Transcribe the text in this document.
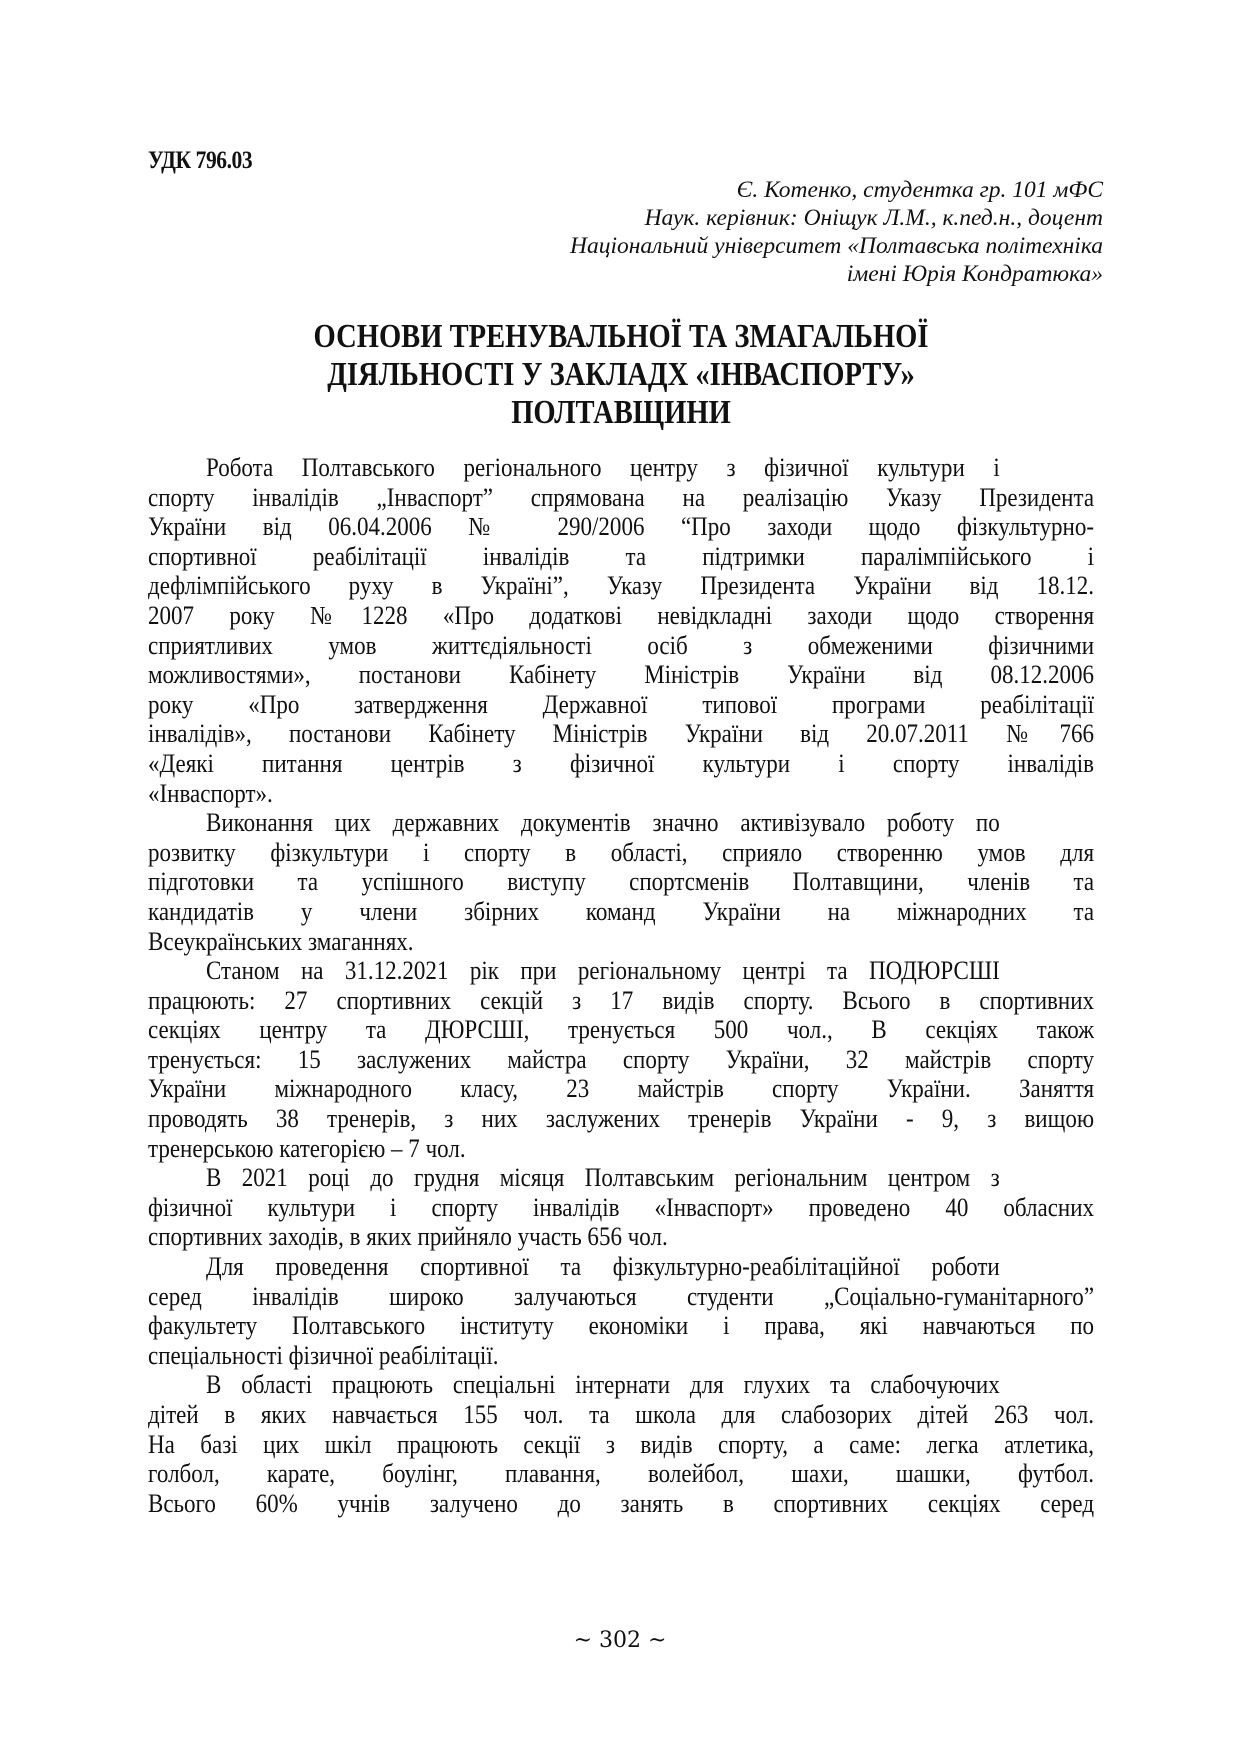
УДК 796.03
Є. Котенко, студентка гр. 101 мФС
Наук. керівник: Оніщук Л.М., к.пед.н., доцент
Національний університет «Полтавська політехніка
імені Юрія Кондратюка»
ОСНОВИ ТРЕНУВАЛЬНОЇ ТА ЗМАГАЛЬНОЇ
ДІЯЛЬНОСТІ У ЗАКЛАДХ «ІНВАСПОРТУ»
ПОЛТАВЩИНИ
Робота Полтавського регіонального центру з фізичної культури і
спорту інвалідів „Інваспорт” спрямована на реалізацію Указу Президента
України від 06.04.2006 № 290/2006 “Про заходи щодо фізкультурно-
спортивної реабілітації інвалідів та підтримки паралімпійського і
дефлімпійського руху в Україні”, Указу Президента України від 18.12.
2007 року №1228 «Про додаткові невідкладні заходи щодо створення
сприятливих умов життєдіяльності осіб з обмеженими фізичними
можливостями», постанови Кабінету Міністрів України від 08.12.2006
року «Про затвердження Державної типової програми реабілітації
інвалідів», постанови Кабінету Міністрів України від 20.07.2011 №766
«Деякі питання центрів з фізичної культури і спорту інвалідів
«Інваспорт».
Виконання цих державних документів значно активізувало роботу по
розвитку фізкультури і спорту в області, сприяло створенню умов для
підготовки та успішного виступу спортсменів Полтавщини, членів та
кандидатів у члени збірних команд України на міжнародних та
Всеукраїнських змаганнях.
Станом на 31.12.2021 рік при регіональному центрі та ПОДЮРСШІ
працюють: 27 спортивних секцій з 17 видів спорту. Всього в спортивних
секціях центру та ДЮРСШІ, тренується 500 чол., В секціях також
тренується: 15 заслужених майстра спорту України, 32 майстрів спорту
України міжнародного класу, 23 майстрів спорту України. Заняття
проводять 38 тренерів, з них заслужених тренерів України - 9, з вищою
тренерською категорією – 7 чол.
В 2021 році до грудня місяця Полтавським регіональним центром з
фізичної культури і спорту інвалідів «Інваспорт» проведено 40 обласних
спортивних заходів, в яких прийняло участь 656 чол.
Для проведення спортивної та фізкультурно-реабілітаційної роботи
серед інвалідів широко залучаються студенти „Соціально-гуманітарного”
факультету Полтавського інституту економіки і права, які навчаються по
спеціальності фізичної реабілітації.
В області працюють спеціальні інтернати для глухих та слабочуючих
дітей в яких навчається 155 чол. та школа для слабозорих дітей 263 чол.
На базі цих шкіл працюють секції з видів спорту, а саме: легка атлетика,
голбол, карате, боулінг, плавання, волейбол, шахи, шашки, футбол.
Всього 60% учнів залучено до занять в спортивних секціях серед
~ 302 ~
